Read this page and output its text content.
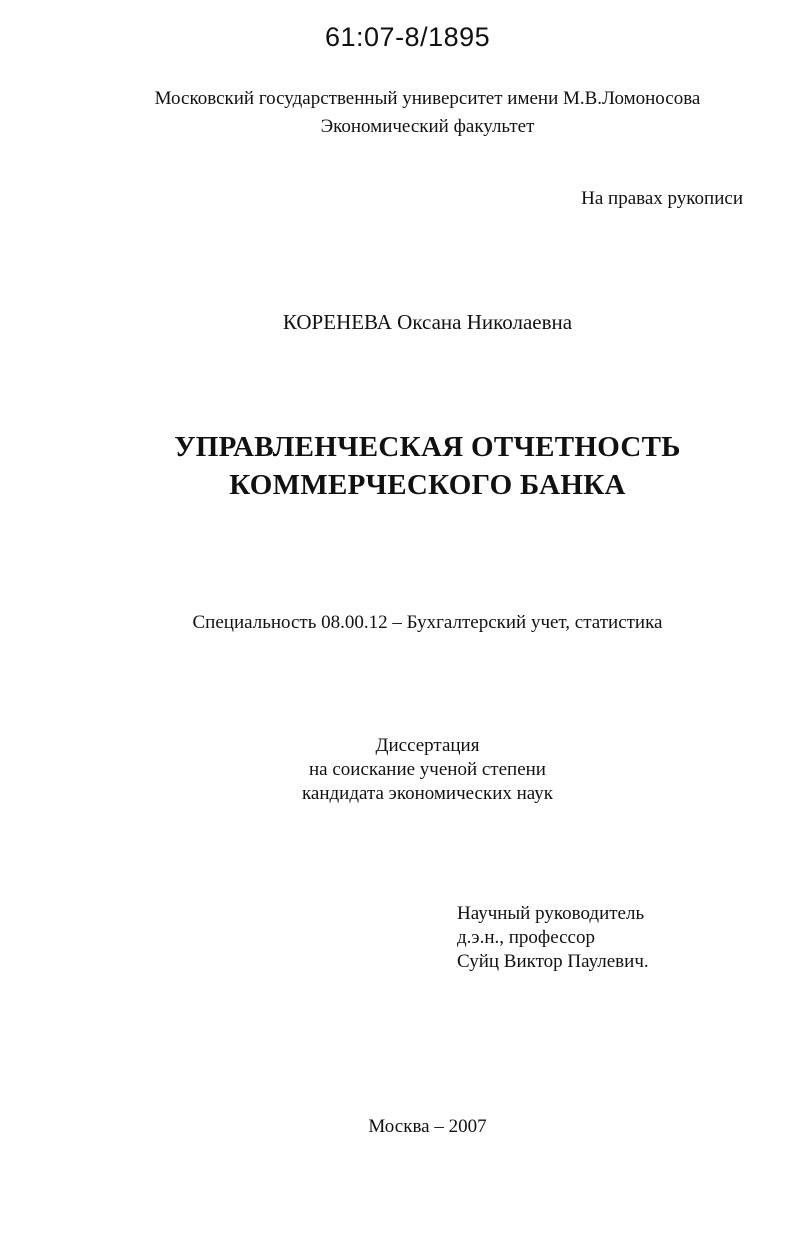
61:07-8/1895
Московский государственный университет имени М.В.Ломоносова
Экономический факультет
На правах рукописи
КОРЕНЕВА Оксана Николаевна
УПРАВЛЕНЧЕСКАЯ ОТЧЕТНОСТЬ
КОММЕРЧЕСКОГО БАНКА
Специальность 08.00.12 – Бухгалтерский учет, статистика
Диссертация
на соискание ученой степени
кандидата экономических наук
Научный руководитель
д.э.н., профессор
Суйц Виктор Паулевич.
Москва – 2007
